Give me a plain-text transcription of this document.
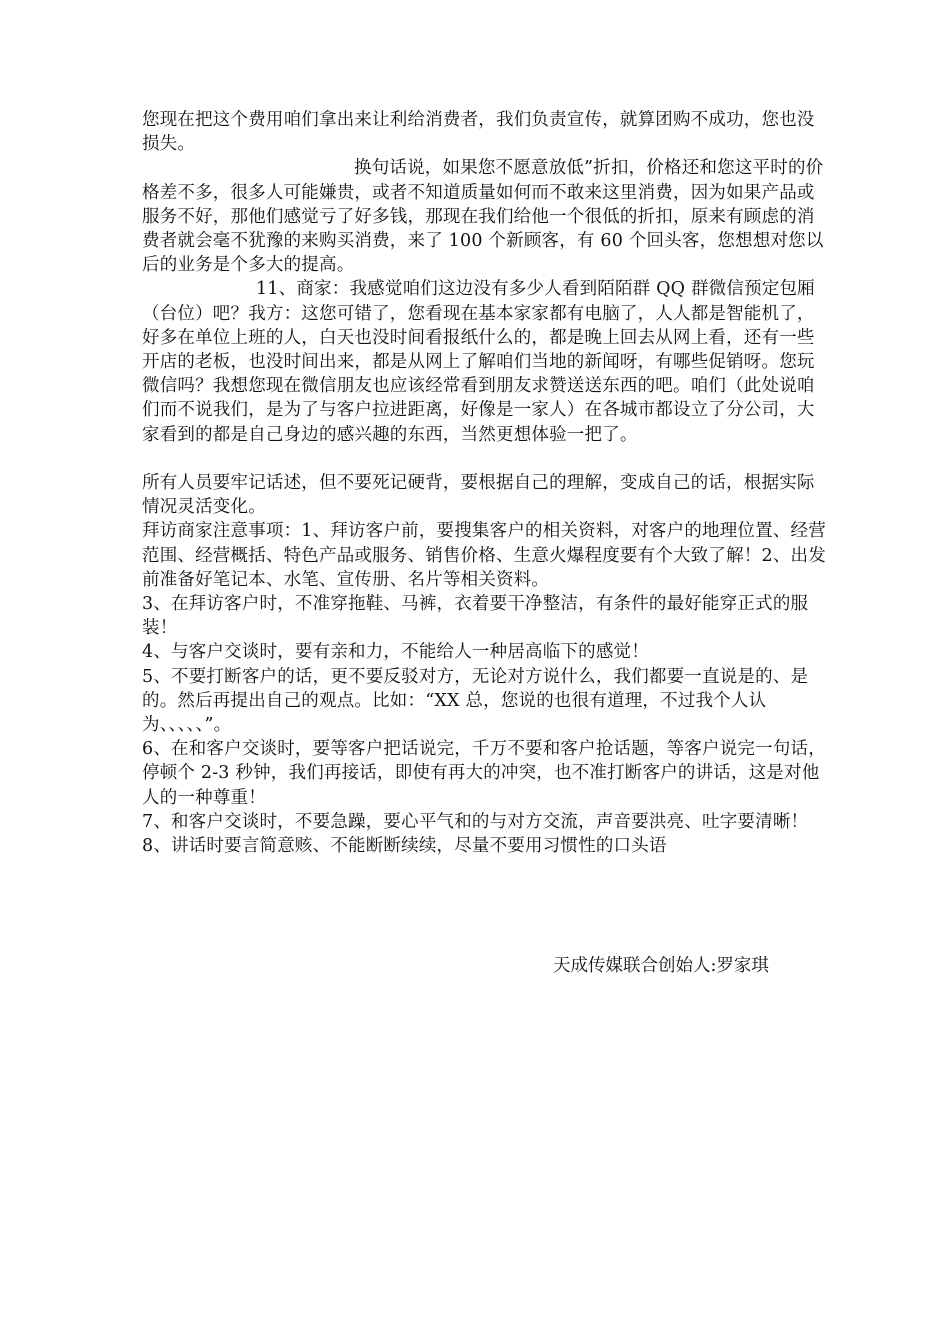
您现在把这个费用咱们拿出来让利给消费者，我们负责宣传，就算团购不成功，您也没损失。

换句话说，如果您不愿意放低”折扣，价格还和您这平时的价格差不多，很多人可能嫌贵，或者不知道质量如何而不敢来这里消费，因为如果产品或服务不好，那他们感觉亏了好多钱，那现在我们给他一个很低的折扣，原来有顾虑的消费者就会毫不犹豫的来购买消费，来了 100 个新顾客，有 60 个回头客，您想想对您以后的业务是个多大的提高。

11、商家：我感觉咱们这边没有多少人看到陌陌群 QQ 群微信预定包厢（台位）吧？我方：这您可错了，您看现在基本家家都有电脑了，人人都是智能机了，好多在单位上班的人，白天也没时间看报纸什么的，都是晚上回去从网上看，还有一些开店的老板，也没时间出来，都是从网上了解咱们当地的新闻呀，有哪些促销呀。您玩微信吗？我想您现在微信朋友也应该经常看到朋友求赞送送东西的吧。咱们（此处说咱们而不说我们，是为了与客户拉进距离，好像是一家人）在各城市都设立了分公司，大家看到的都是自己身边的感兴趣的东西，当然更想体验一把了。

所有人员要牢记话述，但不要死记硬背，要根据自己的理解，变成自己的话，根据实际情况灵活变化。

拜访商家注意事项：1、拜访客户前，要搜集客户的相关资料，对客户的地理位置、经营范围、经营概括、特色产品或服务、销售价格、生意火爆程度要有个大致了解！2、出发前准备好笔记本、水笔、宣传册、名片等相关资料。

3、在拜访客户时，不准穿拖鞋、马裤，衣着要干净整洁，有条件的最好能穿正式的服装！

4、与客户交谈时，要有亲和力，不能给人一种居高临下的感觉！

5、不要打断客户的话，更不要反驳对方，无论对方说什么，我们都要一直说是的、是的。然后再提出自己的观点。比如：“XX 总，您说的也很有道理，不过我个人认为、、、、、”。

6、在和客户交谈时，要等客户把话说完，千万不要和客户抢话题，等客户说完一句话，停顿个 2-3 秒钟，我们再接话，即使有再大的冲突，也不准打断客户的讲话，这是对他人的一种尊重！

7、和客户交谈时，不要急躁，要心平气和的与对方交流，声音要洪亮、吐字要清晰！

8、讲话时要言简意赅、不能断断续续，尽量不要用习惯性的口头语

天成传媒联合创始人:罗家琪
